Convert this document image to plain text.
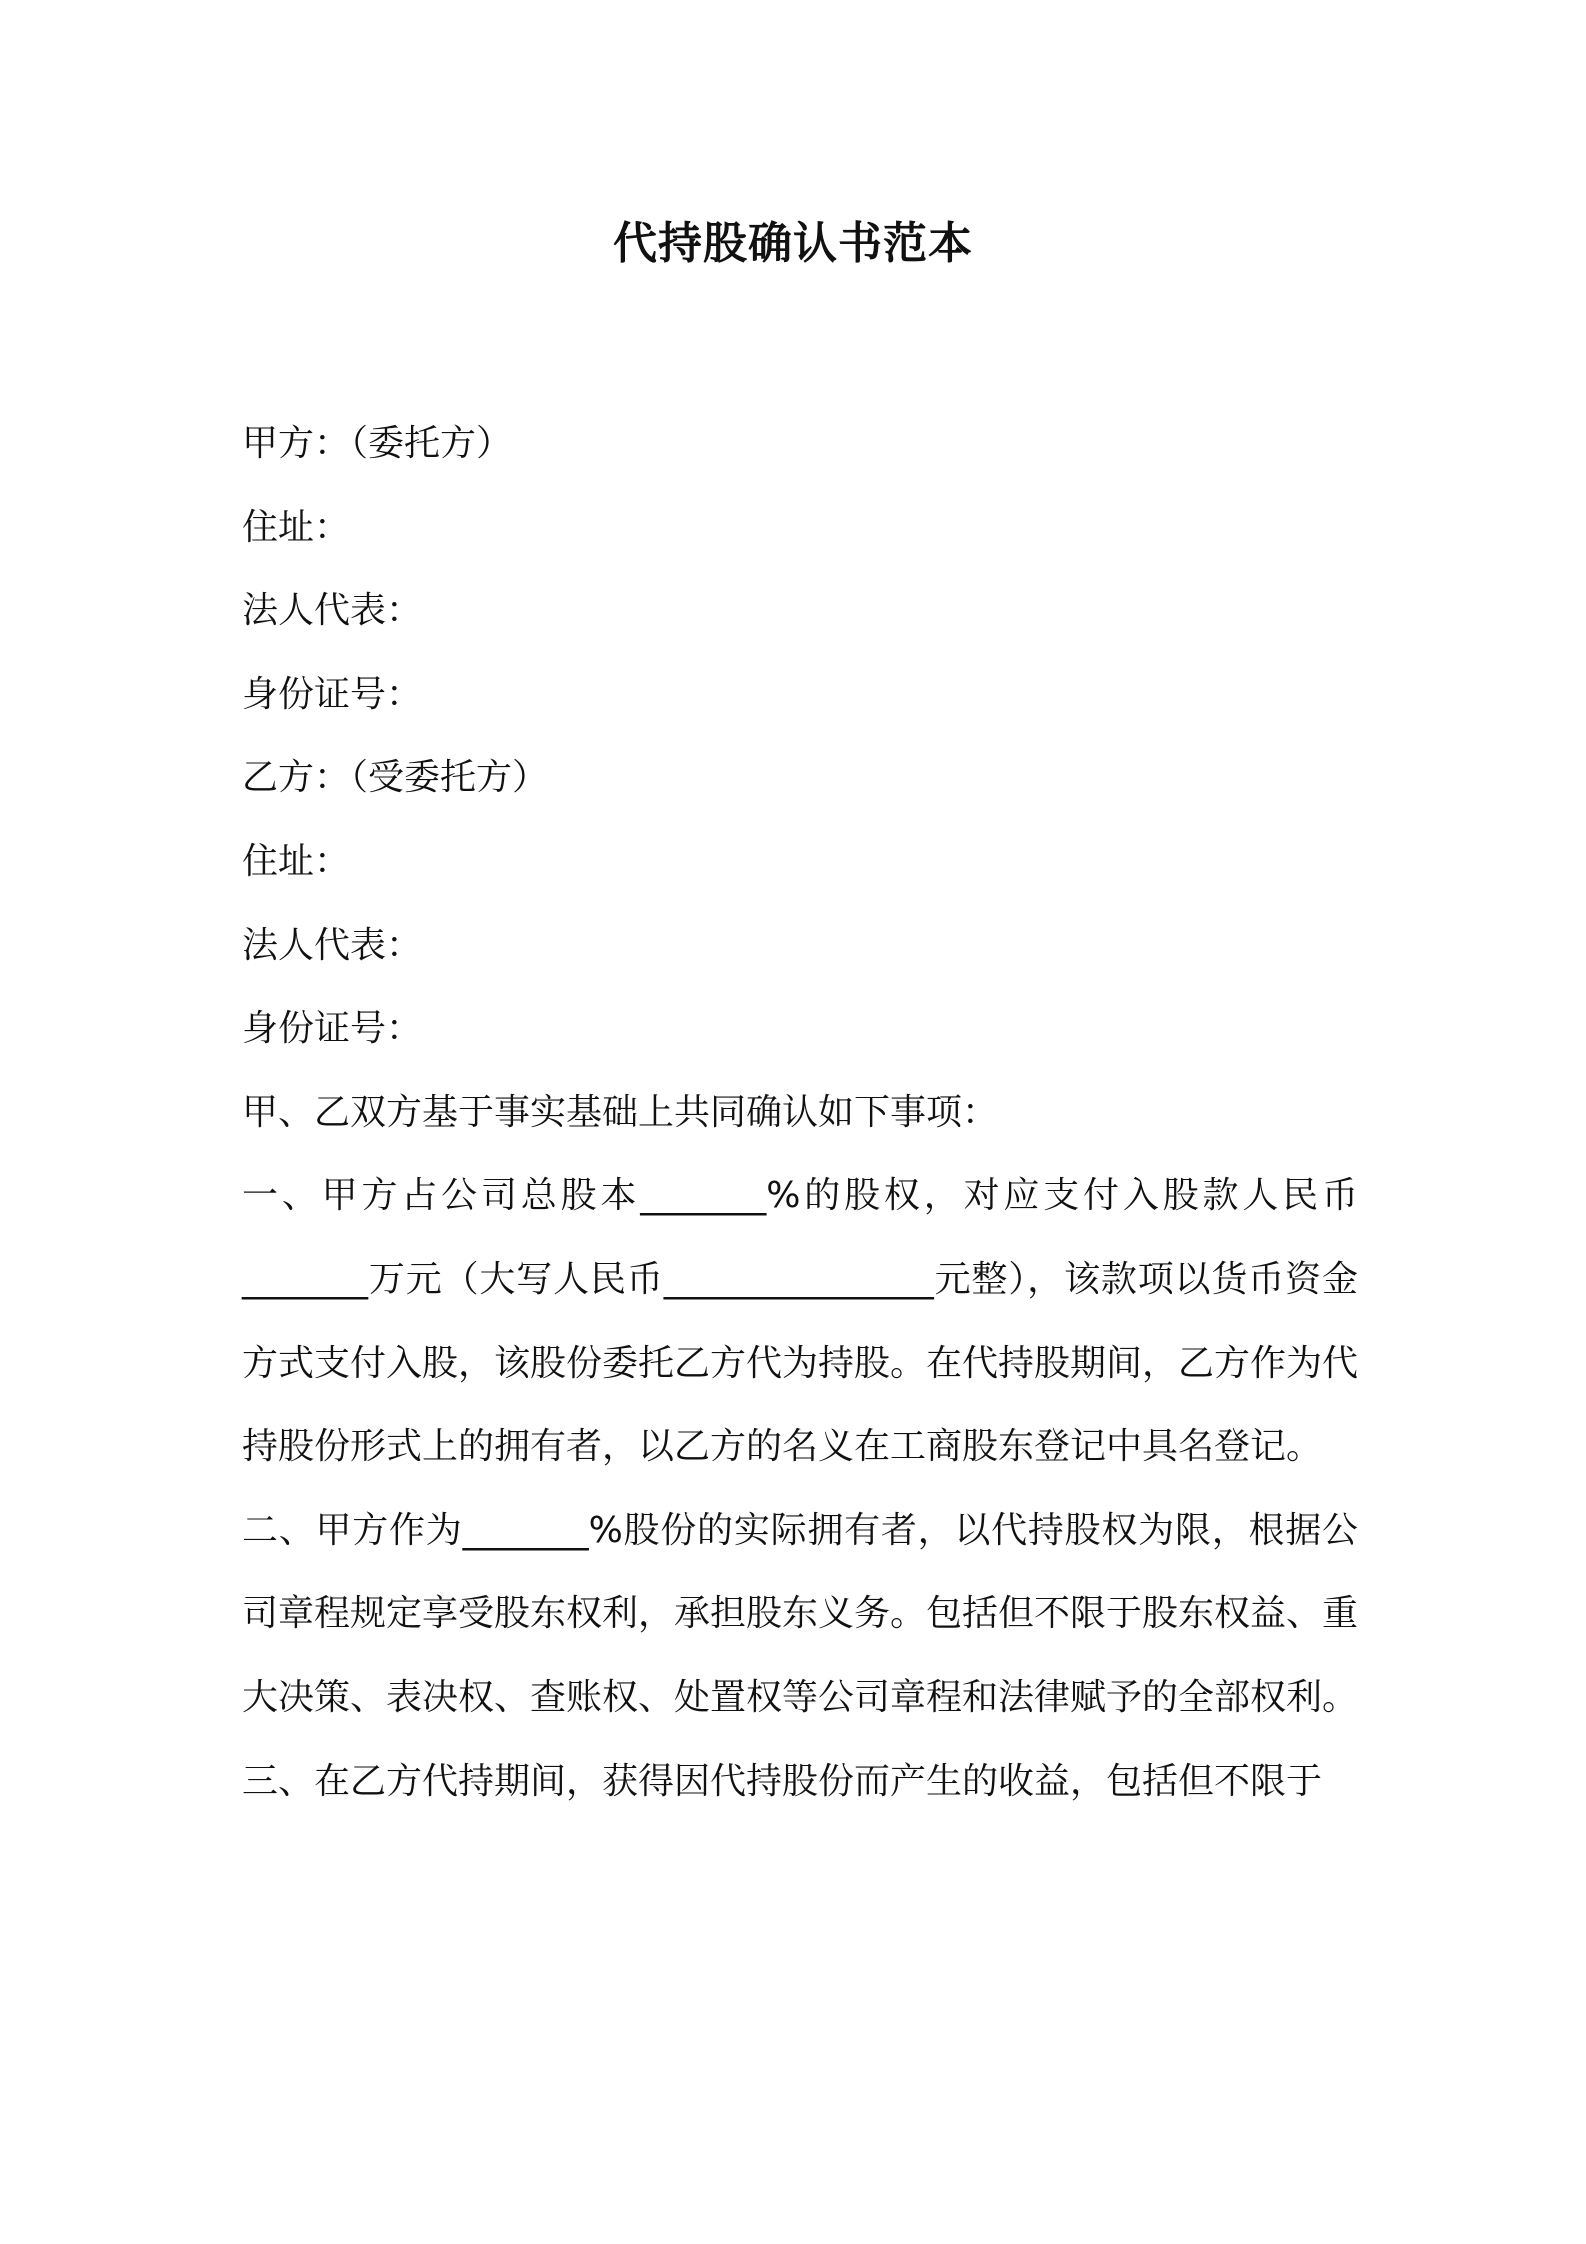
代持股确认书范本
甲方：（委托方）
住址：
法人代表：
身份证号：
乙方：（受委托方）
住址：
法人代表：
身份证号：
甲、乙双方基于事实基础上共同确认如下事项：

一、甲方占公司总股本_______%的股权，对应支付入股款人民币_______万元（大写人民币_______________元整），该款项以货币资金方式支付入股，该股份委托乙方代为持股。在代持股期间，乙方作为代持股份形式上的拥有者，以乙方的名义在工商股东登记中具名登记。

二、甲方作为_______%股份的实际拥有者，以代持股权为限，根据公司章程规定享受股东权利，承担股东义务。包括但不限于股东权益、重大决策、表决权、查账权、处置权等公司章程和法律赋予的全部权利。

三、在乙方代持期间，获得因代持股份而产生的收益，包括但不限于
